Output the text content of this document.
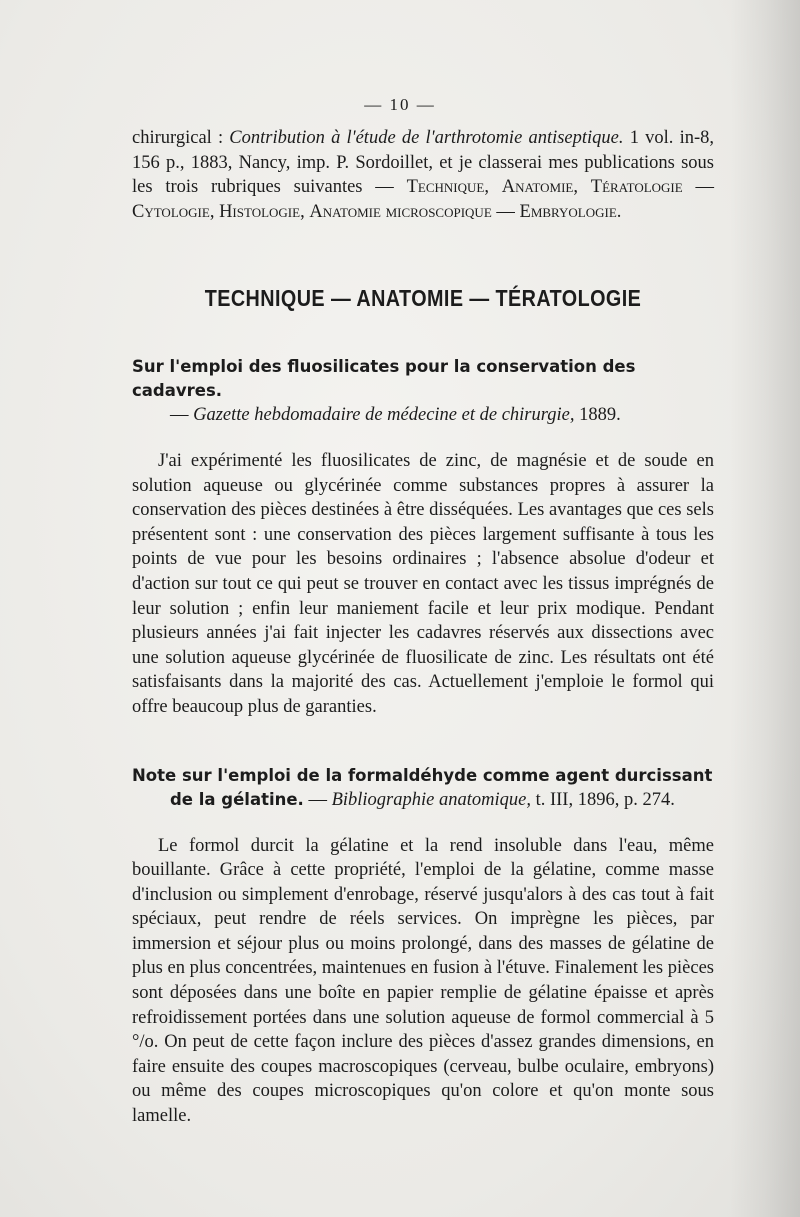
— 10 —

chirurgical : Contribution à l'étude de l'arthrotomie antiseptique. 1 vol. in-8, 156 p., 1883, Nancy, imp. P. Sordoillet, et je classerai mes publications sous les trois rubriques suivantes — Technique, Anatomie, Tératologie — Cytologie, Histologie, Anatomie microscopique — Embryologie.

TECHNIQUE — ANATOMIE — TÉRATOLOGIE
Sur l'emploi des fluosilicates pour la conservation des cadavres.
— Gazette hebdomadaire de médecine et de chirurgie, 1889.

J'ai expérimenté les fluosilicates de zinc, de magnésie et de soude en solution aqueuse ou glycérinée comme substances propres à assurer la conservation des pièces destinées à être disséquées. Les avantages que ces sels présentent sont : une conservation des pièces largement suffisante à tous les points de vue pour les besoins ordinaires ; l'absence absolue d'odeur et d'action sur tout ce qui peut se trouver en contact avec les tissus imprégnés de leur solution ; enfin leur maniement facile et leur prix modique. Pendant plusieurs années j'ai fait injecter les cadavres réservés aux dissections avec une solution aqueuse glycérinée de fluosilicate de zinc. Les résultats ont été satisfaisants dans la majorité des cas. Actuellement j'emploie le formol qui offre beaucoup plus de garanties.

Note sur l'emploi de la formaldéhyde comme agent durcissant
de la gélatine. — Bibliographie anatomique, t. III, 1896, p. 274.

Le formol durcit la gélatine et la rend insoluble dans l'eau, même bouillante. Grâce à cette propriété, l'emploi de la gélatine, comme masse d'inclusion ou simplement d'enrobage, réservé jusqu'alors à des cas tout à fait spéciaux, peut rendre de réels services. On imprègne les pièces, par immersion et séjour plus ou moins prolongé, dans des masses de gélatine de plus en plus concentrées, maintenues en fusion à l'étuve. Finalement les pièces sont déposées dans une boîte en papier remplie de gélatine épaisse et après refroidissement portées dans une solution aqueuse de formol commercial à 5 °/o. On peut de cette façon inclure des pièces d'assez grandes dimensions, en faire ensuite des coupes macroscopiques (cerveau, bulbe oculaire, embryons) ou même des coupes microscopiques qu'on colore et qu'on monte sous lamelle.
